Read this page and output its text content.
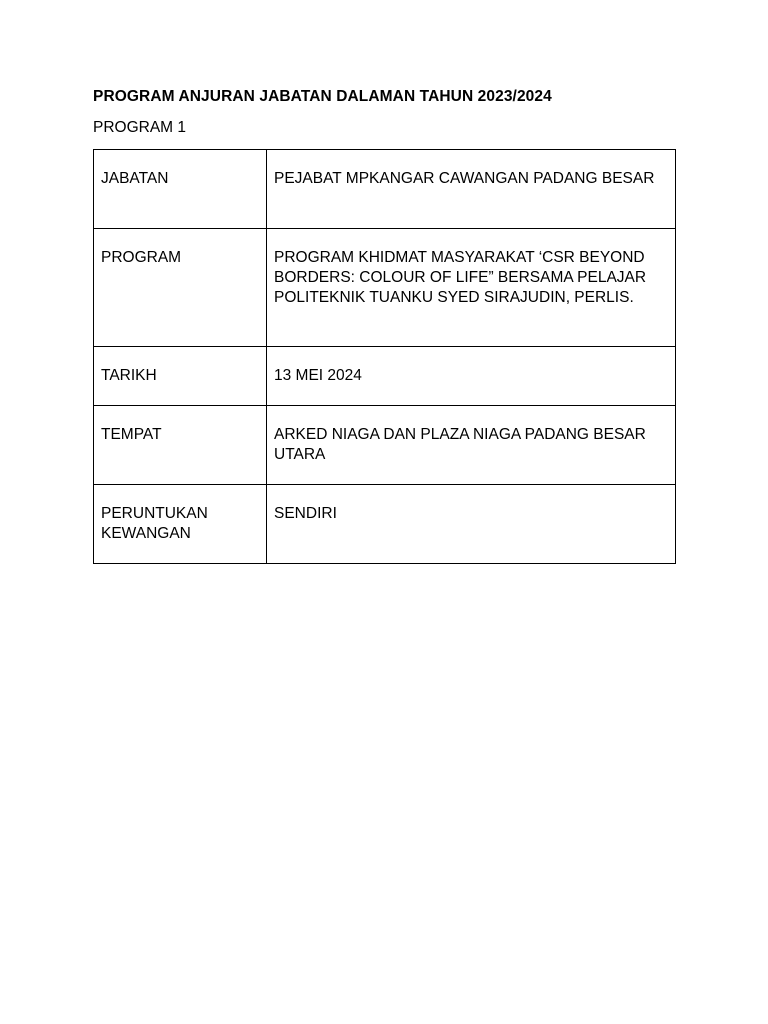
PROGRAM ANJURAN JABATAN DALAMAN TAHUN 2023/2024
PROGRAM 1
JABATAN	PEJABAT MPKANGAR CAWANGAN PADANG BESAR
PROGRAM	PROGRAM KHIDMAT MASYARAKAT ‘CSR BEYOND BORDERS: COLOUR OF LIFE” BERSAMA PELAJAR POLITEKNIK TUANKU SYED SIRAJUDIN, PERLIS.
TARIKH	13 MEI 2024
TEMPAT	ARKED NIAGA DAN PLAZA NIAGA PADANG BESAR UTARA
PERUNTUKAN KEWANGAN	SENDIRI
